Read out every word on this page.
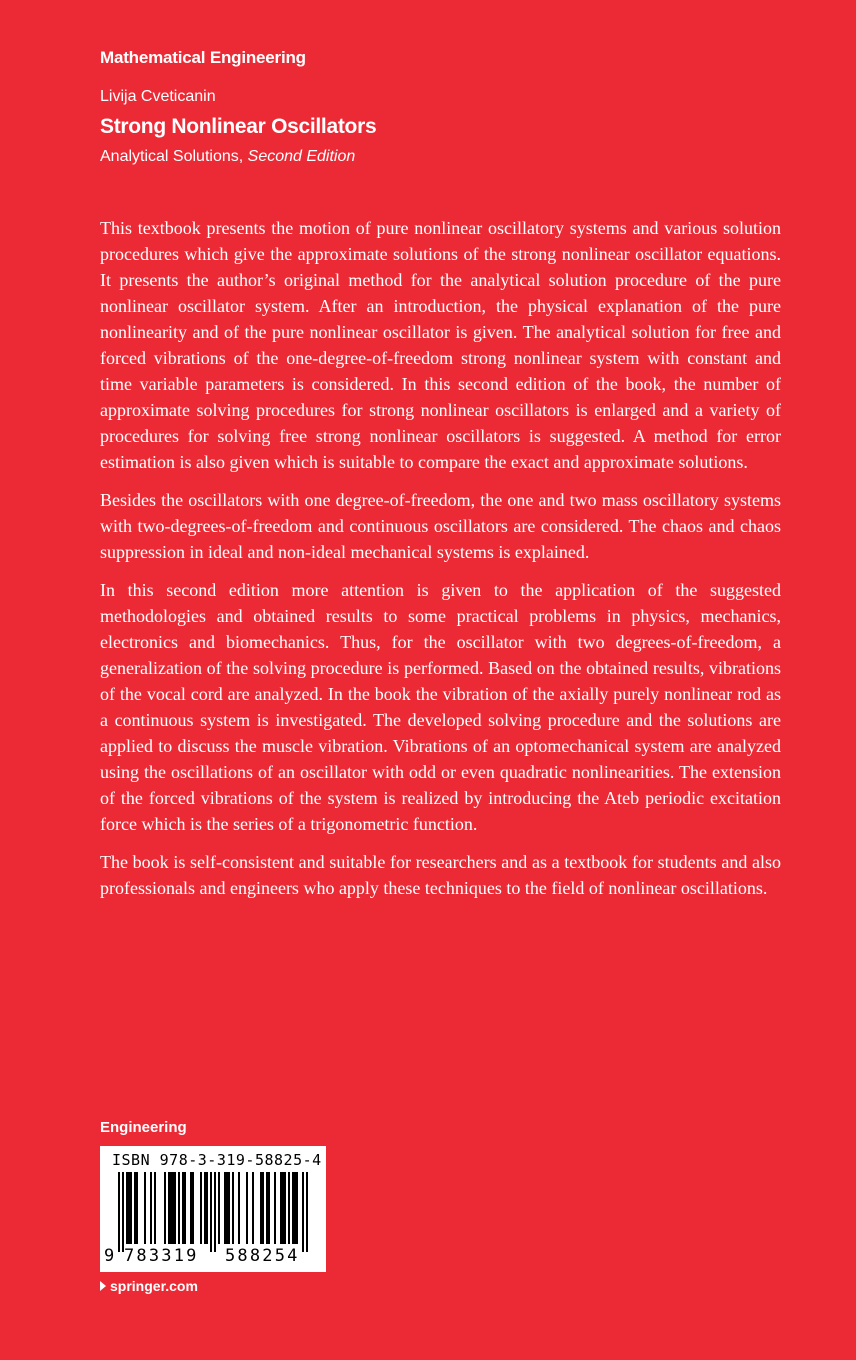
Mathematical Engineering
Livija Cveticanin
Strong Nonlinear Oscillators
Analytical Solutions, Second Edition

This textbook presents the motion of pure nonlinear oscillatory systems and various solution procedures which give the approximate solutions of the strong nonlinear oscillator equations. It presents the author’s original method for the analytical solution procedure of the pure nonlinear oscillator system. After an introduction, the physical explanation of the pure nonlinearity and of the pure nonlinear oscillator is given. The analytical solution for free and forced vibrations of the one-degree-of-freedom strong nonlinear system with constant and time variable parameters is considered. In this second edition of the book, the number of approximate solving procedures for strong nonlinear oscillators is enlarged and a variety of procedures for solving free strong nonlinear oscillators is suggested. A method for error estimation is also given which is suitable to compare the exact and approximate solutions.

Besides the oscillators with one degree-of-freedom, the one and two mass oscillatory systems with two-degrees-of-freedom and continuous oscillators are considered. The chaos and chaos suppression in ideal and non-ideal mechanical systems is explained.

In this second edition more attention is given to the application of the suggested methodologies and obtained results to some practical problems in physics, mechanics, electronics and biomechanics. Thus, for the oscillator with two degrees-of-freedom, a generalization of the solving procedure is performed. Based on the obtained results, vibrations of the vocal cord are analyzed. In the book the vibration of the axially purely nonlinear rod as a continuous system is investigated. The developed solving procedure and the solutions are applied to discuss the muscle vibration. Vibrations of an optomechanical system are analyzed using the oscillations of an oscillator with odd or even quadratic nonlinearities. The extension of the forced vibrations of the system is realized by introducing the Ateb periodic excitation force which is the series of a trigonometric function.

The book is self-consistent and suitable for researchers and as a textbook for students and also professionals and engineers who apply these techniques to the field of nonlinear oscillations.

Engineering
ISBN 978-3-319-58825-4
9 783319 588254
springer.com
